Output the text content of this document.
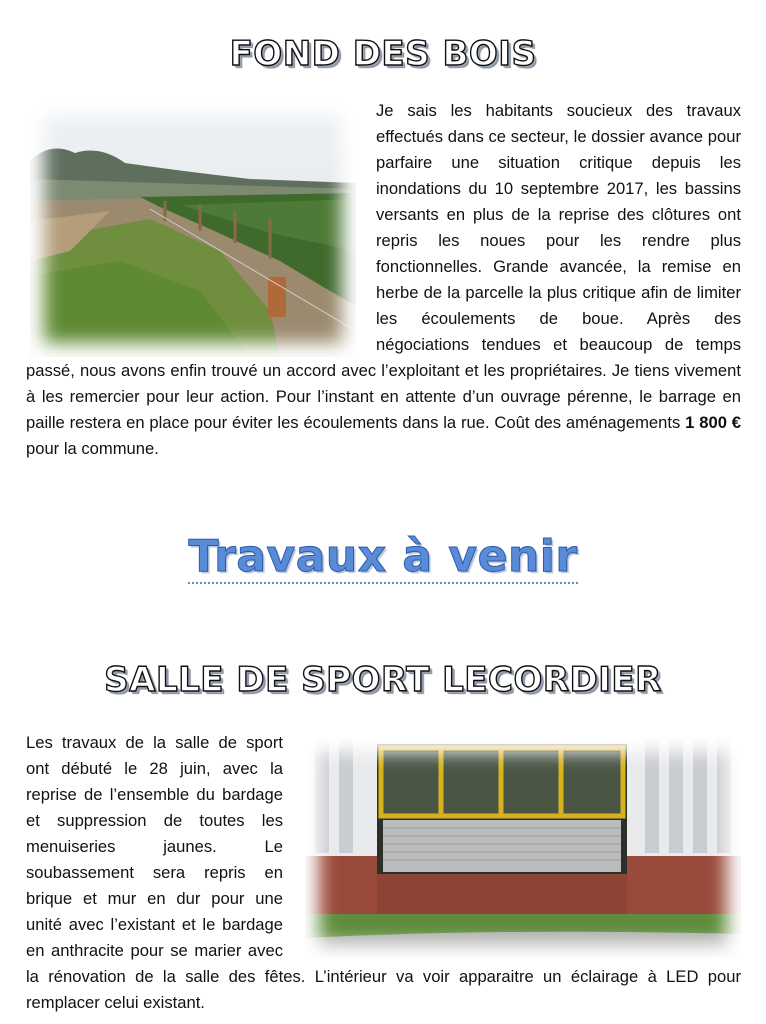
FOND DES BOIS
Je sais les habitants soucieux des travaux effectués dans ce secteur, le dossier avance pour parfaire une situation critique depuis les inondations du 10 septembre 2017, les bassins versants en plus de la reprise des clôtures ont repris les noues pour les rendre plus fonctionnelles. Grande avancée, la remise en herbe de la parcelle la plus critique afin de limiter les écoulements de boue. Après des négociations tendues et beaucoup de temps passé, nous avons enfin trouvé un accord avec l’exploitant et les propriétaires. Je tiens vivement à les remercier pour leur action. Pour l’instant en attente d’un ouvrage pérenne, le barrage en paille restera en place pour éviter les écoulements dans la rue. Coût des aménagements 1 800 € pour la commune.
Travaux à venir
SALLE DE SPORT LECORDIER
Les travaux de la salle de sport ont débuté le 28 juin, avec la reprise de l’ensemble du bardage et suppression de toutes les menuiseries jaunes. Le soubassement sera repris en brique et mur en dur pour une unité avec l’existant et le bardage en anthracite pour se marier avec la rénovation de la salle des fêtes. L’intérieur va voir apparaitre un éclairage à LED pour remplacer celui existant.
